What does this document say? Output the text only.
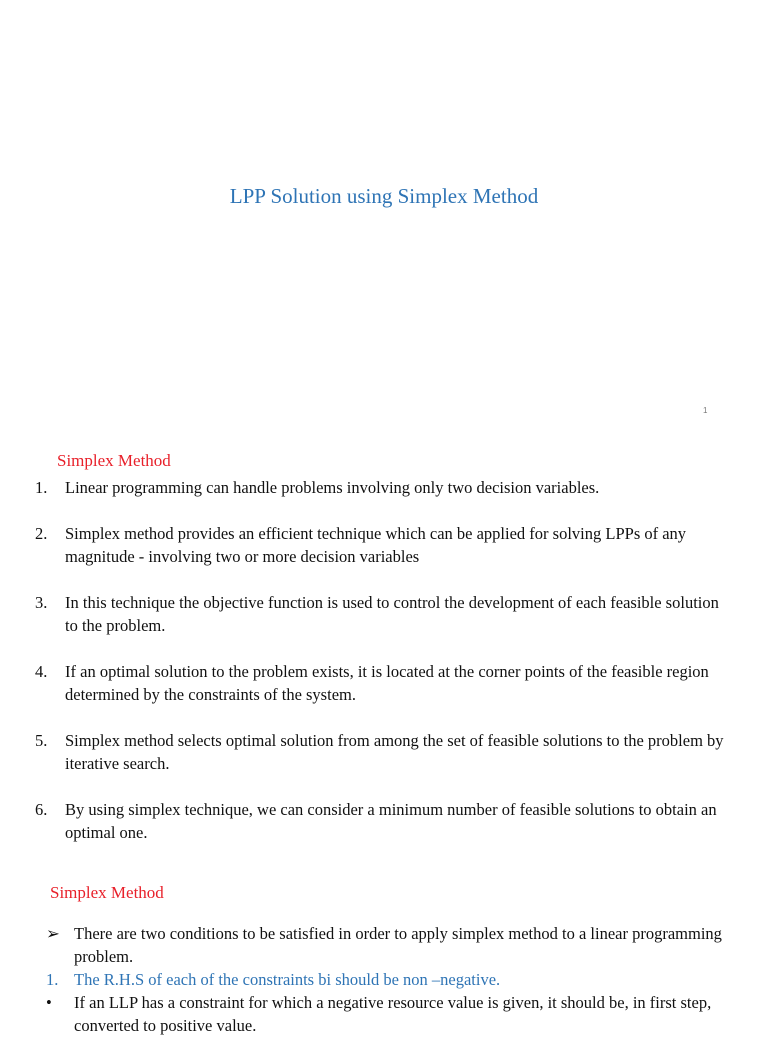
LPP Solution using Simplex Method
1
Simplex Method
1. Linear programming can handle problems involving only two decision variables.
2. Simplex method provides an efficient technique which can be applied for solving LPPs of any magnitude - involving two or more decision variables
3. In this technique the objective function is used to control the development of each feasible solution to the problem.
4. If an optimal solution to the problem exists, it is located at the corner points of the feasible region determined by the constraints of the system.
5. Simplex method selects optimal solution from among the set of feasible solutions to the problem by iterative search.
6. By using simplex technique, we can consider a minimum number of feasible solutions to obtain an optimal one.
Simplex Method
➢ There are two conditions to be satisfied in order to apply simplex method to a linear programming problem.
1. The R.H.S of each of the constraints bi should be non –negative.
• If an LLP has a constraint for which a negative resource value is given, it should be, in first step, converted to positive value.
